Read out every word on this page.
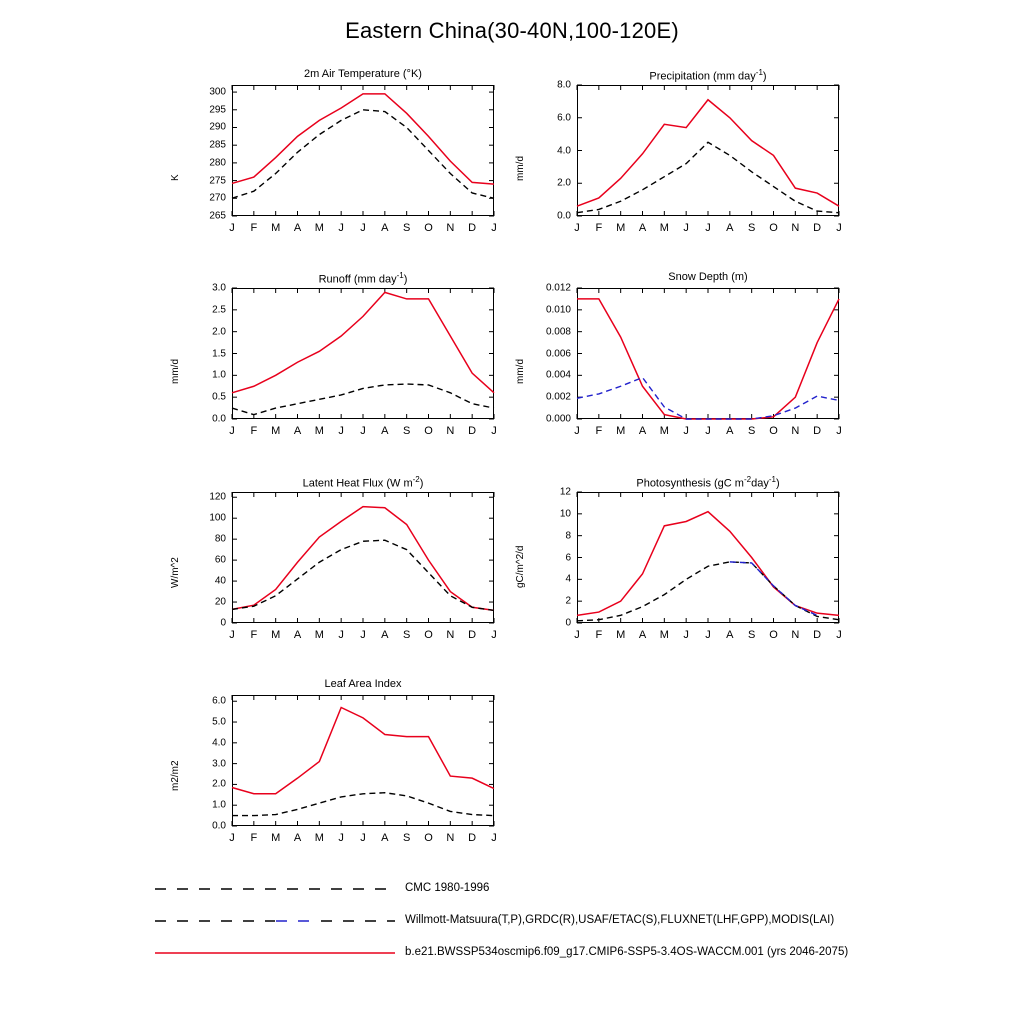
Eastern China(30-40N,100-120E)
2m Air Temperature (°K)
265
270
275
280
285
290
295
300
J F M A M J J A S O N D J
K
Precipitation (mm day$^{-1}$)
0.0
2.0
4.0
6.0
8.0
J F M A M J J A S O N D J
mm/d
Runoff (mm day$^{-1}$)
0.0
0.5
1.0
1.5
2.0
2.5
3.0
J F M A M J J A S O N D J
mm/d
Snow Depth (m)
0.000
0.002
0.004
0.006
0.008
0.010
0.012
J F M A M J J A S O N D J
mm/d
Latent Heat Flux (W $m^{-2}$)
0
20
40
60
80
100
120
J F M A M J J A S O N D J
W/m^2
Photosynthesis (gC $m^{-2}day^{-1}$)
0
2
4
6
8
10
12
J F M A M J J A S O N D J
gC/m^2/d
Leaf Area Index
0.0
1.0
2.0
3.0
4.0
5.0
6.0
J F M A M J J A S O N D J
m2/m2
CMC 1980-1996
Willmott-Matsuura(T,P),GRDC(R),USAF/ETAC(S),FLUXNET(LHF,GPP),MODIS(LAI)
b.e21.BWSSP534oscmip6.f09_g17.CMIP6-SSP5-3.4OS-WACCM.001 (yrs 2046-2075)
